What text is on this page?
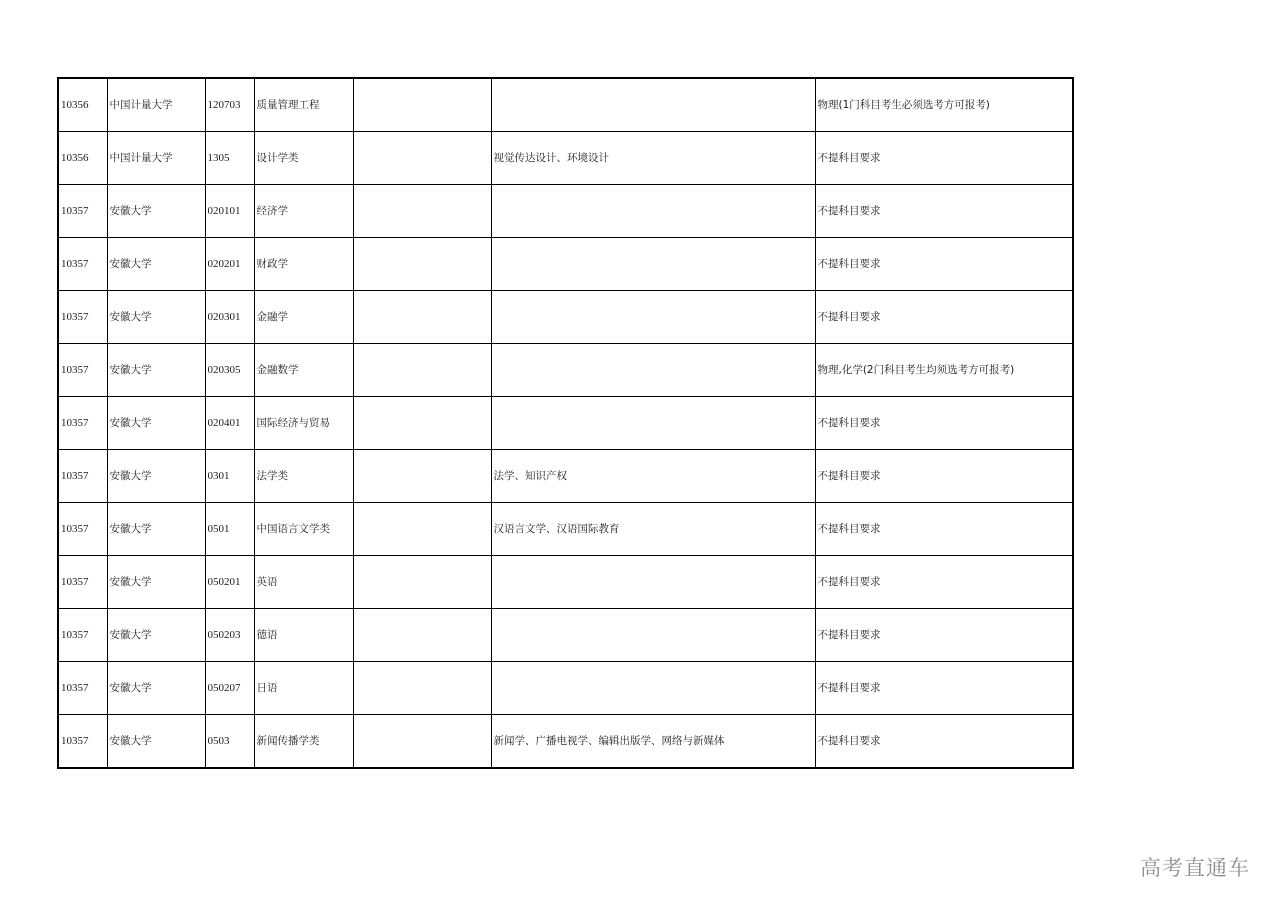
10356	中国计量大学	120703	质量管理工程			物理(1门科目考生必须选考方可报考)
10356	中国计量大学	1305	设计学类		视觉传达设计、环境设计	不提科目要求
10357	安徽大学	020101	经济学			不提科目要求
10357	安徽大学	020201	财政学			不提科目要求
10357	安徽大学	020301	金融学			不提科目要求
10357	安徽大学	020305	金融数学			物理,化学(2门科目考生均须选考方可报考)
10357	安徽大学	020401	国际经济与贸易			不提科目要求
10357	安徽大学	0301	法学类		法学、知识产权	不提科目要求
10357	安徽大学	0501	中国语言文学类		汉语言文学、汉语国际教育	不提科目要求
10357	安徽大学	050201	英语			不提科目要求
10357	安徽大学	050203	德语			不提科目要求
10357	安徽大学	050207	日语			不提科目要求
10357	安徽大学	0503	新闻传播学类		新闻学、广播电视学、编辑出版学、网络与新媒体	不提科目要求
高考直通车
